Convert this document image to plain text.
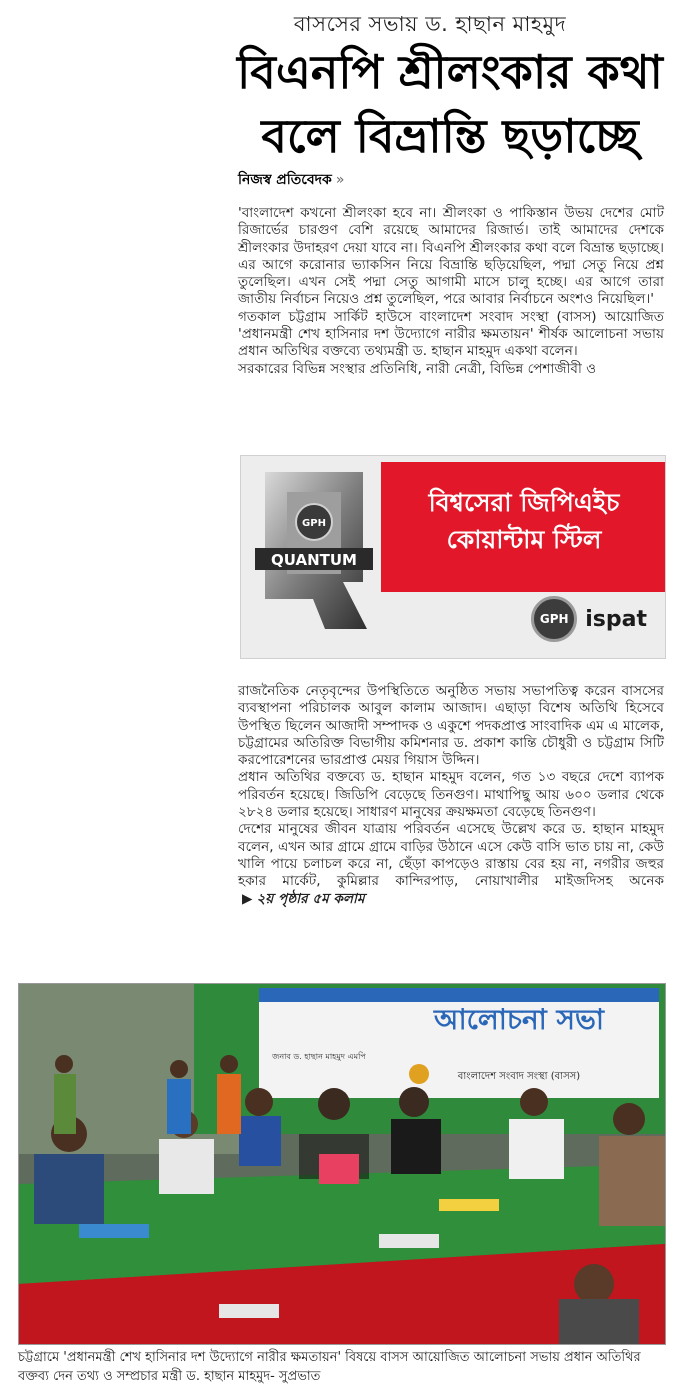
বাসসের সভায় ড. হাছান মাহমুদ
বিএনপি শ্রীলংকার কথা
বলে বিভ্রান্তি ছড়াচ্ছে
নিজস্ব প্রতিবেদক »

'বাংলাদেশ কখনো শ্রীলংকা হবে না। শ্রীলংকা ও পাকিস্তান উভয় দেশের মোট রিজার্ভের চারগুণ বেশি রয়েছে আমাদের রিজার্ভ। তাই আমাদের দেশকে শ্রীলংকার উদাহরণ দেয়া যাবে না। বিএনপি শ্রীলংকার কথা বলে বিভ্রান্ত ছড়াচ্ছে। এর আগে করোনার ভ্যাকসিন নিয়ে বিভ্রান্তি ছড়িয়েছিল, পদ্মা সেতু নিয়ে প্রশ্ন তুলেছিল। এখন সেই পদ্মা সেতু আগামী মাসে চালু হচ্ছে। এর আগে তারা জাতীয় নির্বাচন নিয়েও প্রশ্ন তুলেছিল, পরে আবার নির্বাচনে অংশও নিয়েছিল।'

গতকাল চট্টগ্রাম সার্কিট হাউসে বাংলাদেশ সংবাদ সংস্থা (বাসস) আয়োজিত 'প্রধানমন্ত্রী শেখ হাসিনার দশ উদ্যোগে নারীর ক্ষমতায়ন' শীর্ষক আলোচনা সভায় প্রধান অতিথির বক্তব্যে তথ্যমন্ত্রী ড. হাছান মাহমুদ একথা বলেন।

সরকারের বিভিন্ন সংস্থার প্রতিনিধি, নারী নেত্রী, বিভিন্ন পেশাজীবী ও

GPH
QUANTUM
বিশ্বসেরা জিপিএইচ
কোয়ান্টাম স্টিল
GPH ispat

রাজনৈতিক নেতৃবৃন্দের উপস্থিতিতে অনুষ্ঠিত সভায় সভাপতিত্ব করেন বাসসের ব্যবস্থাপনা পরিচালক আবুল কালাম আজাদ। এছাড়া বিশেষ অতিথি হিসেবে উপস্থিত ছিলেন আজাদী সম্পাদক ও একুশে পদকপ্রাপ্ত সাংবাদিক এম এ মালেক, চট্টগ্রামের অতিরিক্ত বিভাগীয় কমিশনার ড. প্রকাশ কান্তি চৌধুরী ও চট্টগ্রাম সিটি করপোরেশনের ভারপ্রাপ্ত মেয়র গিয়াস উদ্দিন।

প্রধান অতিথির বক্তব্যে ড. হাছান মাহমুদ বলেন, গত ১৩ বছরে দেশে ব্যাপক পরিবর্তন হয়েছে। জিডিপি বেড়েছে তিনগুণ। মাথাপিছু আয় ৬০০ ডলার থেকে ২৮২৪ ডলার হয়েছে। সাধারণ মানুষের ক্রয়ক্ষমতা বেড়েছে তিনগুণ।

দেশের মানুষের জীবন যাত্রায় পরিবর্তন এসেছে উল্লেখ করে ড. হাছান মাহমুদ বলেন, এখন আর গ্রামে গ্রামে বাড়ির উঠানে এসে কেউ বাসি ভাত চায় না, কেউ খালি পায়ে চলাচল করে না, ছেঁড়া কাপড়েও রাস্তায় বের হয় না, নগরীর জহুর হকার মার্কেট, কুমিল্লার কান্দিরপাড়, নোয়াখালীর মাইজদিসহ অনেক ▶ ২য় পৃষ্ঠার ৫ম কলাম

আলোচনা সভা
জনাব ড. হাছান মাহমুদ এমপি
বাংলাদেশ সংবাদ সংস্থা (বাসস)
চট্টগ্রামে 'প্রধানমন্ত্রী শেখ হাসিনার দশ উদ্যোগে নারীর ক্ষমতায়ন' বিষয়ে বাসস আয়োজিত আলোচনা সভায় প্রধান অতিথির বক্তব্য দেন তথ্য ও সম্প্রচার মন্ত্রী ড. হাছান মাহমুদ- সুপ্রভাত
